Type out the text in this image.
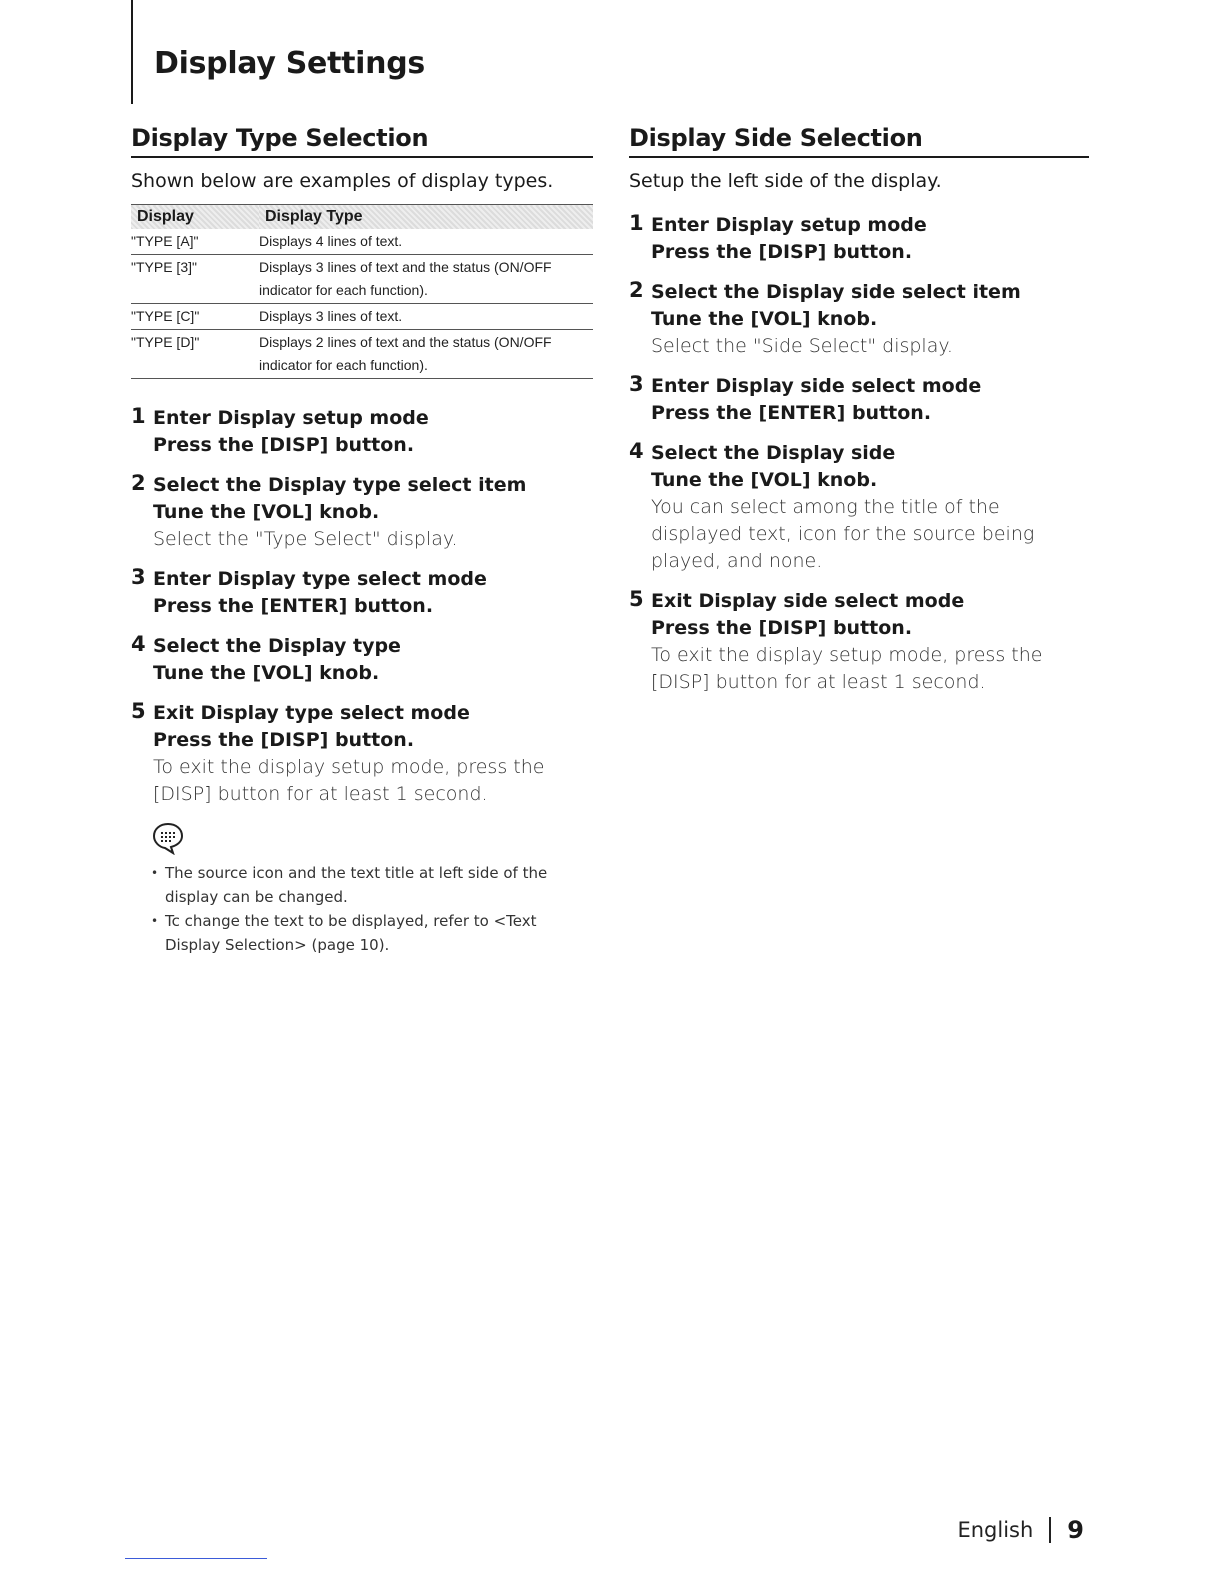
Display Settings
Display Type Selection

Shown below are examples of display types.

Display	Display Type
"TYPE [A]"	Displays 4 lines of text.
"TYPE [3]"	Displays 3 lines of text and the status (ON/OFF indicator for each function).
"TYPE [C]"	Displays 3 lines of text.
"TYPE [D]"	Displays 2 lines of text and the status (ON/OFF indicator for each function).
1 Enter Display setup mode
Press the [DISP] button.
2 Select the Display type select item
Tune the [VOL] knob.
Select the "Type Select" display.
3 Enter Display type select mode
Press the [ENTER] button.
4 Select the Display type
Tune the [VOL] knob.
5 Exit Display type select mode
Press the [DISP] button.
To exit the display setup mode, press the [DISP] button for at least 1 second.
• The source icon and the text title at left side of the display can be changed.
• Tc change the text to be displayed, refer to <Text Display Selection> (page 10).
Display Side Selection

Setup the left side of the display.

1 Enter Display setup mode
Press the [DISP] button.
2 Select the Display side select item
Tune the [VOL] knob.
Select the "Side Select" display.
3 Enter Display side select mode
Press the [ENTER] button.
4 Select the Display side
Tune the [VOL] knob.
You can select among the title of the displayed text, icon for the source being played, and none.
5 Exit Display side select mode
Press the [DISP] button.
To exit the display setup mode, press the [DISP] button for at least 1 second.
English 9
